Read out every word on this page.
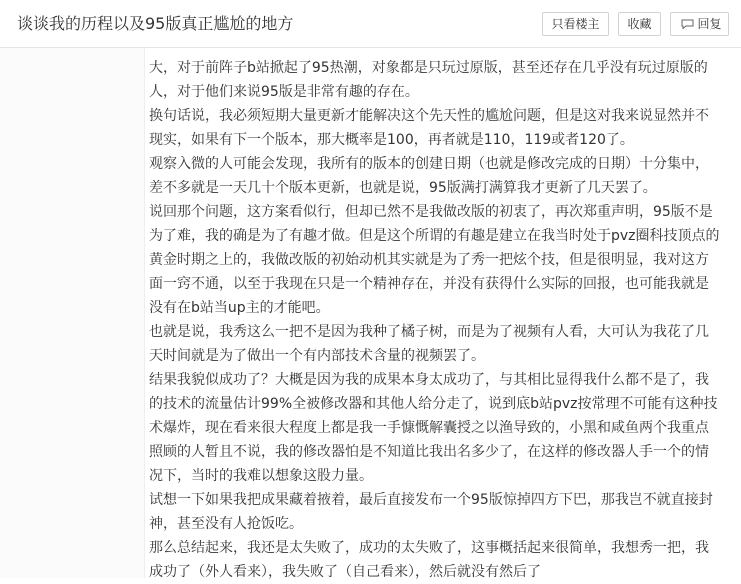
谈谈我的历程以及95版真正尴尬的地方	只看楼主	收藏	回复
大，对于前阵子b站掀起了95热潮，对象都是只玩过原版，甚至还存在几乎没有玩过原版的
人，对于他们来说95版是非常有趣的存在。
换句话说，我必须短期大量更新才能解决这个先天性的尴尬问题，但是这对我来说显然并不
现实，如果有下一个版本，那大概率是100，再者就是110，119或者120了。
观察入微的人可能会发现，我所有的版本的创建日期（也就是修改完成的日期）十分集中，
差不多就是一天几十个版本更新，也就是说，95版满打满算我才更新了几天罢了。
说回那个问题，这方案看似行，但却已然不是我做改版的初衷了，再次郑重声明，95版不是
为了难，我的确是为了有趣才做。但是这个所谓的有趣是建立在我当时处于pvz圈科技顶点的
黄金时期之上的，我做改版的初始动机其实就是为了秀一把炫个技，但是很明显，我对这方
面一窍不通，以至于我现在只是一个精神存在，并没有获得什么实际的回报，也可能我就是
没有在b站当up主的才能吧。
也就是说，我秀这么一把不是因为我种了橘子树，而是为了视频有人看，大可认为我花了几
天时间就是为了做出一个有内部技术含量的视频罢了。
结果我貌似成功了？大概是因为我的成果本身太成功了，与其相比显得我什么都不是了，我
的技术的流量估计99%全被修改器和其他人给分走了，说到底b站pvz按常理不可能有这种技
术爆炸，现在看来很大程度上都是我一手慷慨解囊授之以渔导致的，小黑和咸鱼两个我重点
照顾的人暂且不说，我的修改器怕是不知道比我出名多少了，在这样的修改器人手一个的情
况下，当时的我难以想象这股力量。
试想一下如果我把成果藏着掖着，最后直接发布一个95版惊掉四方下巴，那我岂不就直接封
神，甚至没有人抢饭吃。
那么总结起来，我还是太失败了，成功的太失败了，这事概括起来很简单，我想秀一把，我
成功了（外人看来），我失败了（自己看来），然后就没有然后了
